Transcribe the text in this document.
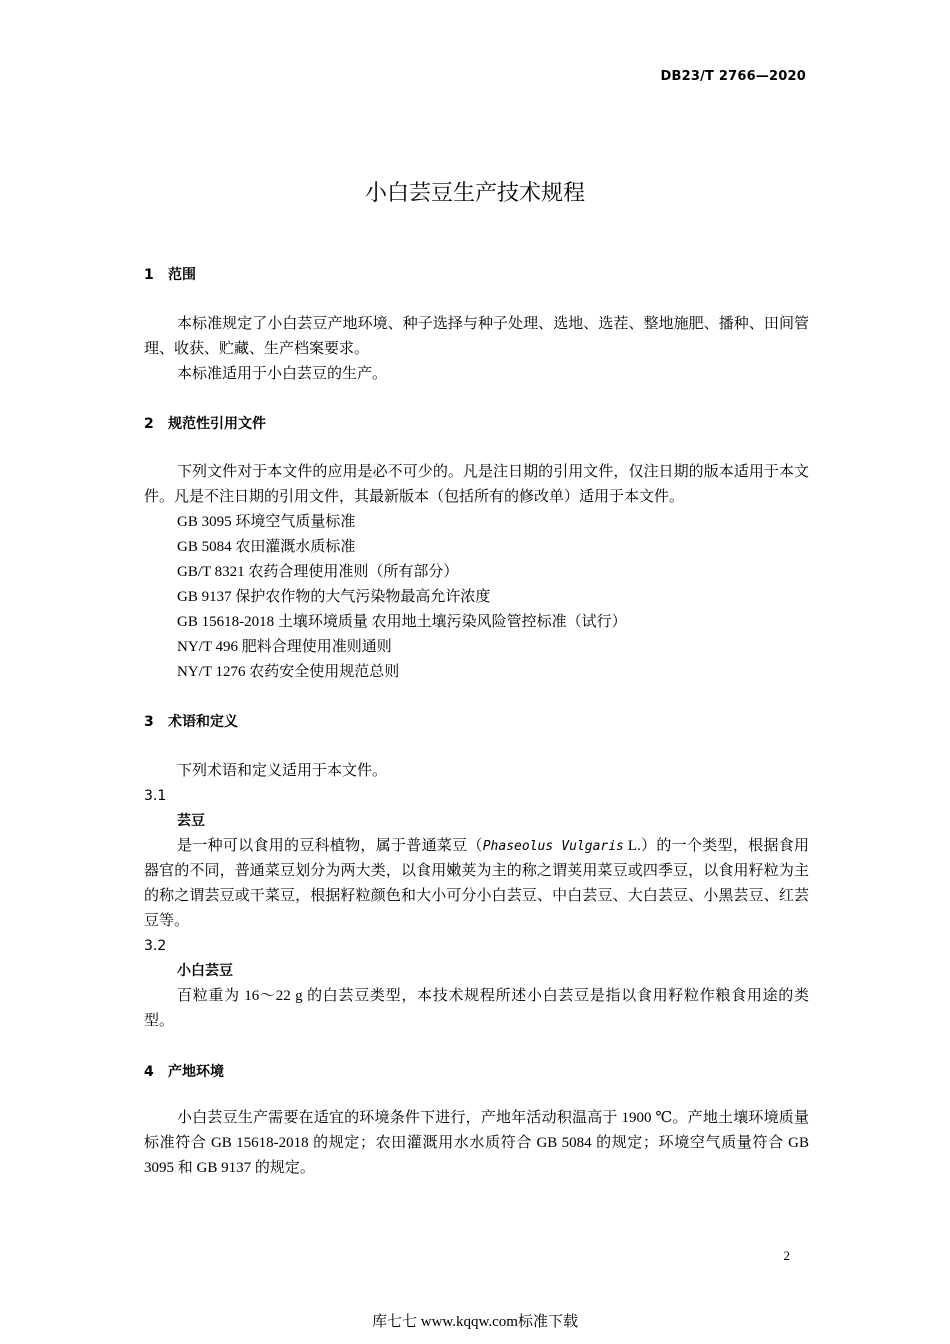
DB23/T 2766—2020
小白芸豆生产技术规程
1 范围

本标准规定了小白芸豆产地环境、种子选择与种子处理、选地、选茬、整地施肥、播种、田间管理、收获、贮藏、生产档案要求。

本标准适用于小白芸豆的生产。

2 规范性引用文件

下列文件对于本文件的应用是必不可少的。凡是注日期的引用文件，仅注日期的版本适用于本文件。凡是不注日期的引用文件，其最新版本（包括所有的修改单）适用于本文件。

GB 3095 环境空气质量标准

GB 5084 农田灌溉水质标准

GB/T 8321 农药合理使用准则（所有部分）

GB 9137 保护农作物的大气污染物最高允许浓度

GB 15618-2018 土壤环境质量 农用地土壤污染风险管控标准（试行）

NY/T 496 肥料合理使用准则通则

NY/T 1276 农药安全使用规范总则

3 术语和定义

下列术语和定义适用于本文件。

3.1

芸豆

是一种可以食用的豆科植物，属于普通菜豆（Phaseolus Vulgaris L.）的一个类型，根据食用器官的不同，普通菜豆划分为两大类，以食用嫩荚为主的称之谓荚用菜豆或四季豆，以食用籽粒为主的称之谓芸豆或干菜豆，根据籽粒颜色和大小可分小白芸豆、中白芸豆、大白芸豆、小黑芸豆、红芸豆等。

3.2

小白芸豆

百粒重为 16～22 g 的白芸豆类型，本技术规程所述小白芸豆是指以食用籽粒作粮食用途的类型。

4 产地环境

小白芸豆生产需要在适宜的环境条件下进行，产地年活动积温高于 1900 ℃。产地土壤环境质量标准符合 GB 15618-2018 的规定；农田灌溉用水水质符合 GB 5084 的规定；环境空气质量符合 GB 3095 和 GB 9137 的规定。

2
库七七 www.kqqw.com标准下载
